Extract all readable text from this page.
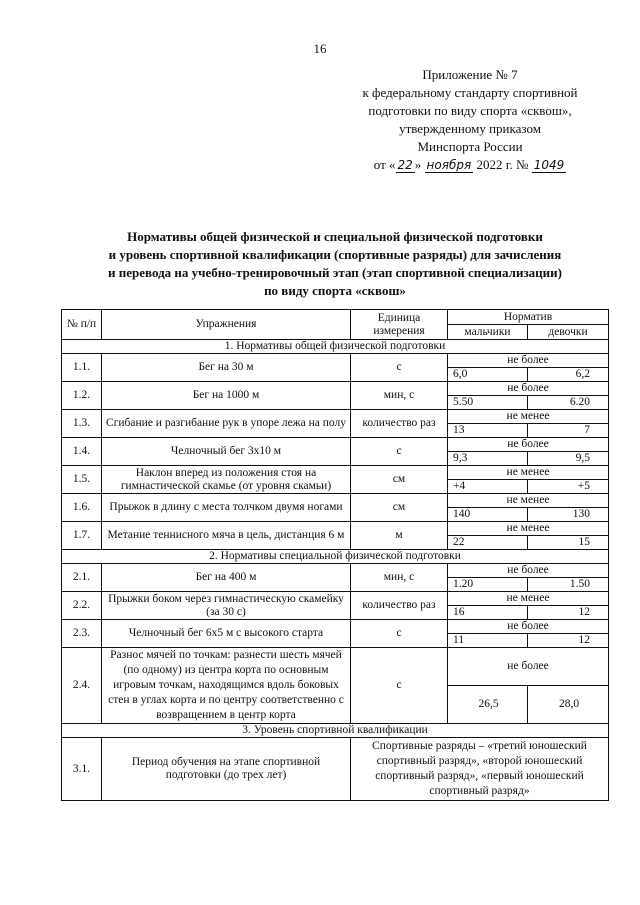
16
Приложение № 7
к федеральному стандарту спортивной
подготовки по виду спорта «сквош»,
утвержденному приказом
Минспорта России
от « 22 » ноября 2022 г. № 1049
Нормативы общей физической и специальной физической подготовки
и уровень спортивной квалификации (спортивные разряды) для зачисления
и перевода на учебно-тренировочный этап (этап спортивной специализации)
по виду спорта «сквош»
№ п/п	Упражнения	Единица измерения	Норматив	
			мальчики	девочки
1. Нормативы общей физической подготовки				
1.1.	Бег на 30 м	с	не более	
			6,0	6,2
1.2.	Бег на 1000 м	мин, с	не более	
			5.50	6.20
1.3.	Сгибание и разгибание рук в упоре лежа на полу	количество раз	не менее	
			13	7
1.4.	Челночный бег 3х10 м	с	не более	
			9,3	9,5
1.5.	Наклон вперед из положения стоя на гимнастической скамье (от уровня скамьи)	см	не менее	
			+4	+5
1.6.	Прыжок в длину с места толчком двумя ногами	см	не менее	
			140	130
1.7.	Метание теннисного мяча в цель, дистанция 6 м	м	не менее	
			22	15
2. Нормативы специальной физической подготовки				
2.1.	Бег на 400 м	мин, с	не более	
			1.20	1.50
2.2.	Прыжки боком через гимнастическую скамейку (за 30 с)	количество раз	не менее	
			16	12
2.3.	Челночный бег 6х5 м с высокого старта	с	не более	
			11	12
2.4.	Разнос мячей по точкам: разнести шесть мячей (по одному) из центра корта по основным игровым точкам, находящимся вдоль боковых стен в углах корта и по центру соответственно с возвращением в центр корта	с	не более	
			26,5	28,0
3. Уровень спортивной квалификации				
3.1.	Период обучения на этапе спортивной подготовки (до трех лет)	Спортивные разряды – «третий юношеский спортивный разряд», «второй юношеский спортивный разряд», «первый юношеский спортивный разряд»		
